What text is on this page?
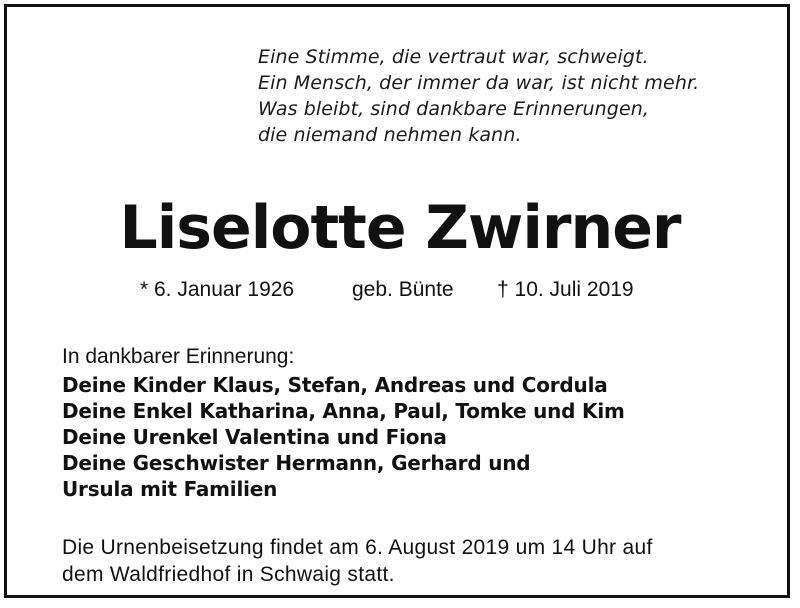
Eine Stimme, die vertraut war, schweigt.
Ein Mensch, der immer da war, ist nicht mehr.
Was bleibt, sind dankbare Erinnerungen,
die niemand nehmen kann.
Liselotte Zwirner
* 6. Januar 1926	geb. Bünte † 10. Juli 2019
In dankbarer Erinnerung:
Deine Kinder Klaus, Stefan, Andreas und Cordula
Deine Enkel Katharina, Anna, Paul, Tomke und Kim
Deine Urenkel Valentina und Fiona
Deine Geschwister Hermann, Gerhard und
Ursula mit Familien
Die Urnenbeisetzung findet am 6. August 2019 um 14 Uhr auf
dem Waldfriedhof in Schwaig statt.
